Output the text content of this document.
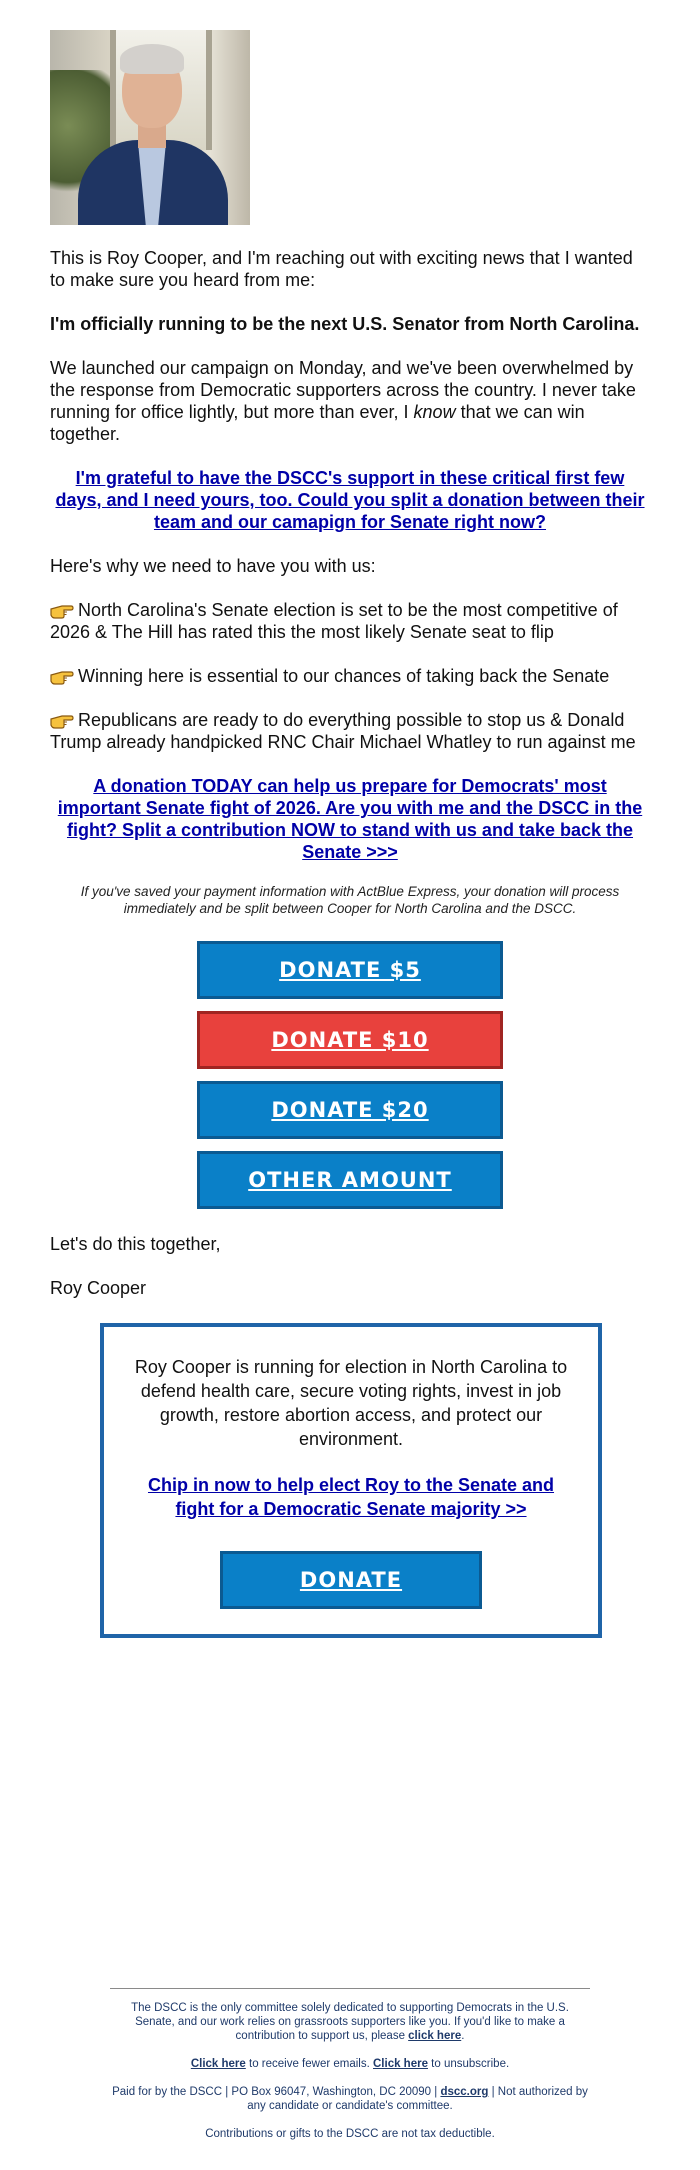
This is Roy Cooper, and I'm reaching out with exciting news that I wanted to make sure you heard from me:

I'm officially running to be the next U.S. Senator from North Carolina.

We launched our campaign on Monday, and we've been overwhelmed by the response from Democratic supporters across the country. I never take running for office lightly, but more than ever, I know that we can win together.

I'm grateful to have the DSCC's support in these critical first few days, and I need yours, too. Could you split a donation between their team and our camapign for Senate right now?

Here's why we need to have you with us:

North Carolina's Senate election is set to be the most competitive of 2026 & The Hill has rated this the most likely Senate seat to flip

Winning here is essential to our chances of taking back the Senate

Republicans are ready to do everything possible to stop us & Donald Trump already handpicked RNC Chair Michael Whatley to run against me

A donation TODAY can help us prepare for Democrats' most important Senate fight of 2026. Are you with me and the DSCC in the fight? Split a contribution NOW to stand with us and take back the Senate >>>

If you've saved your payment information with ActBlue Express, your donation will process immediately and be split between Cooper for North Carolina and the DSCC.

DONATE $5
DONATE $10
DONATE $20
OTHER AMOUNT

Let's do this together,

Roy Cooper

Roy Cooper is running for election in North Carolina to defend health care, secure voting rights, invest in job growth, restore abortion access, and protect our environment.

Chip in now to help elect Roy to the Senate and fight for a Democratic Senate majority >>
DONATE

The DSCC is the only committee solely dedicated to supporting Democrats in the U.S. Senate, and our work relies on grassroots supporters like you. If you'd like to make a contribution to support us, please click here.

Click here to receive fewer emails. Click here to unsubscribe.

Paid for by the DSCC | PO Box 96047, Washington, DC 20090 | dscc.org | Not authorized by any candidate or candidate's committee.

Contributions or gifts to the DSCC are not tax deductible.
